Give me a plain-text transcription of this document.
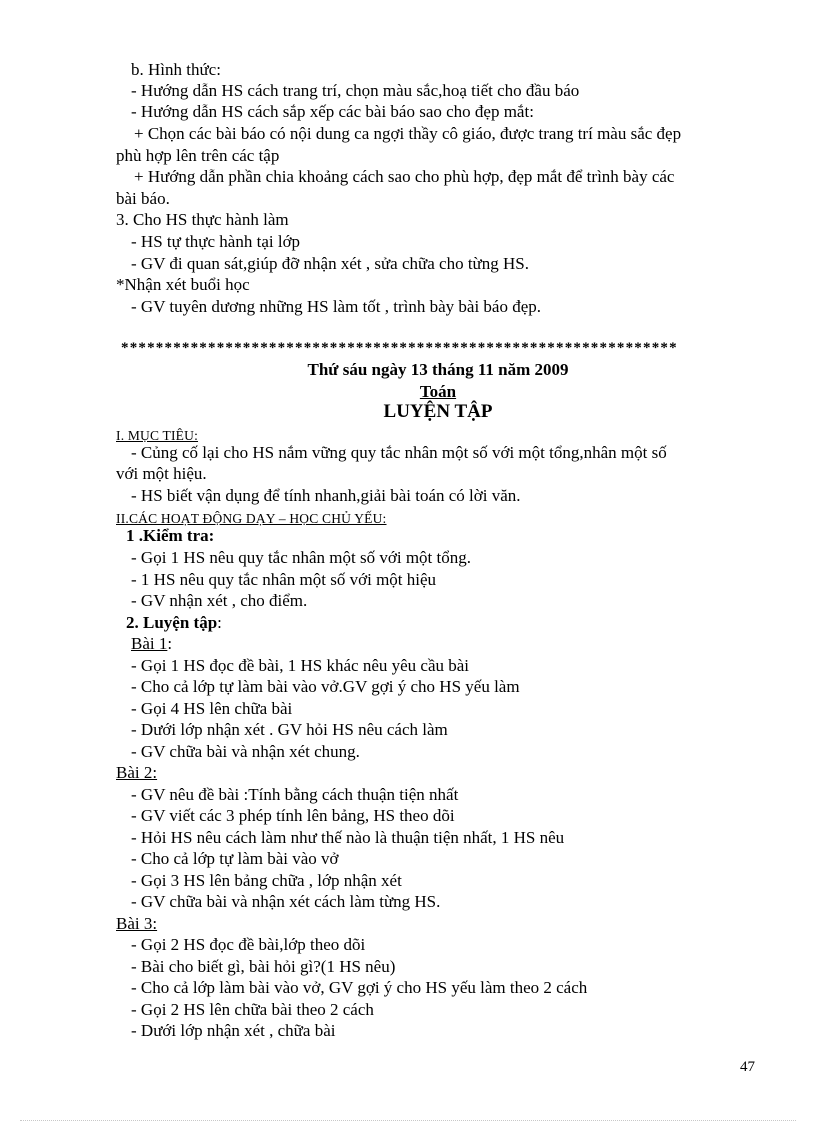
b. Hình thức:
- Hướng dẫn HS cách trang trí, chọn màu sắc,hoạ tiết cho đầu báo
- Hướng dẫn HS cách sắp xếp các bài báo sao cho đẹp mắt:
+ Chọn các bài báo có nội dung ca ngợi thầy cô giáo, được trang trí màu sắc đẹp
phù hợp lên trên các tập
+ Hướng dẫn phần chia khoảng cách sao cho phù hợp, đẹp mắt để trình bày các
bài báo.
3. Cho HS thực hành làm
- HS tự thực hành tại lớp
- GV đi quan sát,giúp đỡ nhận xét , sửa chữa cho từng HS.
*Nhận xét buổi học
- GV tuyên dương những HS làm tốt , trình bày bài báo đẹp.
****************************************************************
Thứ sáu ngày 13 tháng 11 năm 2009
Toán
LUYỆN TẬP
I. MỤC TIÊU:
- Củng cố lại cho HS nắm vững quy tắc nhân một số với một tổng,nhân một số
với một hiệu.
- HS biết vận dụng để tính nhanh,giải bài toán có lời văn.
II.CÁC HOẠT ĐỘNG DẠY – HỌC CHỦ YẾU:
1 .Kiểm tra:
- Gọi 1 HS nêu quy tắc nhân một số với một tổng.
- 1 HS nêu quy tắc nhân một số với một hiệu
- GV nhận xét , cho điểm.
2. Luyện tập:
Bài 1:
- Gọi 1 HS đọc đề bài, 1 HS khác nêu yêu cầu bài
- Cho cả lớp tự làm bài vào vở.GV gợi ý cho HS yếu làm
- Gọi 4 HS lên chữa bài
- Dưới lớp nhận xét . GV hỏi HS nêu cách làm
- GV chữa bài và nhận xét chung.
Bài 2:
- GV nêu đề bài :Tính bằng cách thuận tiện nhất
- GV viết các 3 phép tính lên bảng, HS theo dõi
- Hỏi HS nêu cách làm như thế nào là thuận tiện nhất, 1 HS nêu
- Cho cả lớp tự làm bài vào vở
- Gọi 3 HS lên bảng chữa , lớp nhận xét
- GV chữa bài và nhận xét cách làm từng HS.
Bài 3:
- Gọi 2 HS đọc đề bài,lớp theo dõi
- Bài cho biết gì, bài hỏi gì?(1 HS nêu)
- Cho cả lớp làm bài vào vở, GV gợi ý cho HS yếu làm theo 2 cách
- Gọi 2 HS lên chữa bài theo 2 cách
- Dưới lớp nhận xét , chữa bài
47
